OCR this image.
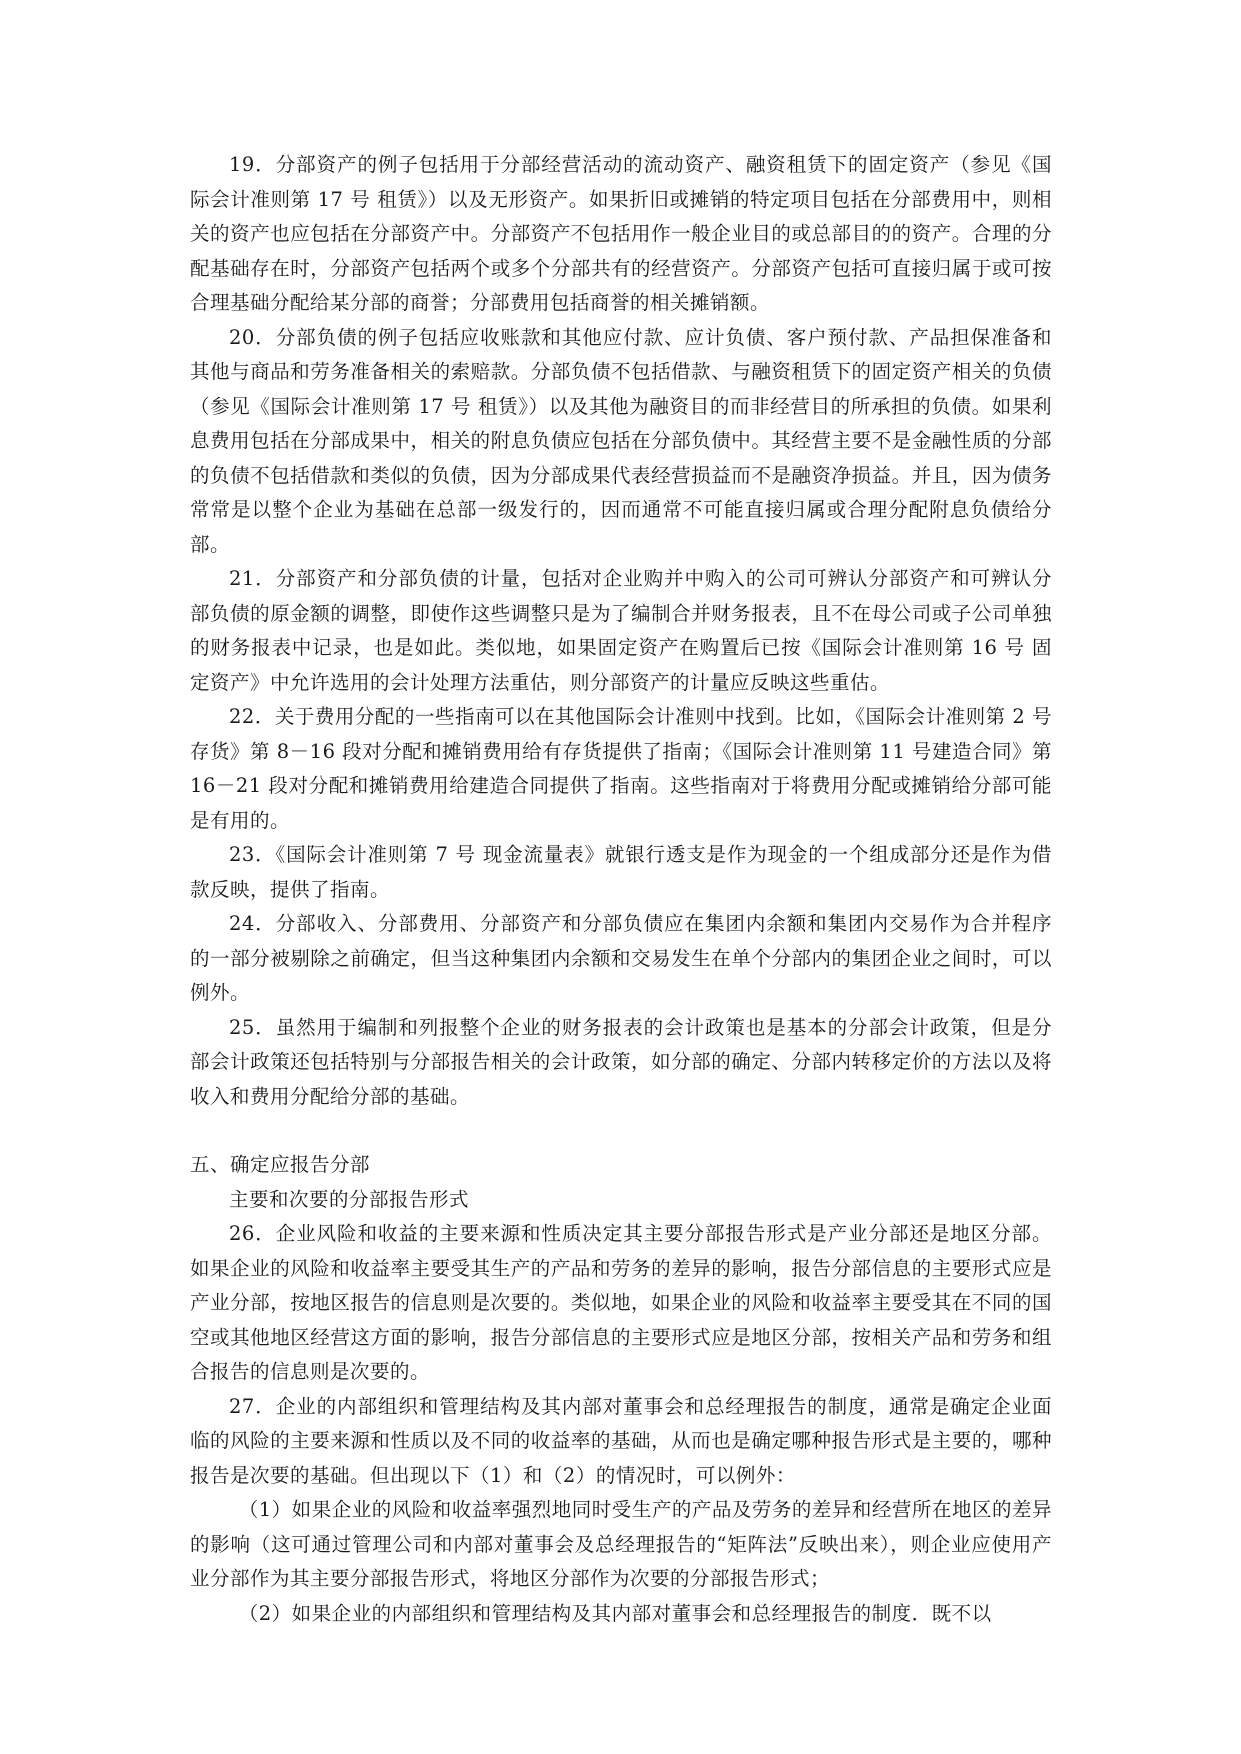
19．分部资产的例子包括用于分部经营活动的流动资产、融资租赁下的固定资产（参见《国际会计准则第 17 号 租赁》）以及无形资产。如果折旧或摊销的特定项目包括在分部费用中，则相关的资产也应包括在分部资产中。分部资产不包括用作一般企业目的或总部目的的资产。合理的分配基础存在时，分部资产包括两个或多个分部共有的经营资产。分部资产包括可直接归属于或可按合理基础分配给某分部的商誉；分部费用包括商誉的相关摊销额。

20．分部负债的例子包括应收账款和其他应付款、应计负债、客户预付款、产品担保准备和其他与商品和劳务准备相关的索赔款。分部负债不包括借款、与融资租赁下的固定资产相关的负债（参见《国际会计准则第 17 号 租赁》）以及其他为融资目的而非经营目的所承担的负债。如果利息费用包括在分部成果中，相关的附息负债应包括在分部负债中。其经营主要不是金融性质的分部的负债不包括借款和类似的负债，因为分部成果代表经营损益而不是融资净损益。并且，因为债务常常是以整个企业为基础在总部一级发行的，因而通常不可能直接归属或合理分配附息负债给分部。

21．分部资产和分部负债的计量，包括对企业购并中购入的公司可辨认分部资产和可辨认分部负债的原金额的调整，即使作这些调整只是为了编制合并财务报表，且不在母公司或子公司单独的财务报表中记录，也是如此。类似地，如果固定资产在购置后已按《国际会计准则第 16 号 固定资产》中允许选用的会计处理方法重估，则分部资产的计量应反映这些重估。

22．关于费用分配的一些指南可以在其他国际会计准则中找到。比如，《国际会计准则第 2 号 存货》第 8－16 段对分配和摊销费用给有存货提供了指南；《国际会计准则第 11 号建造合同》第 16－21 段对分配和摊销费用给建造合同提供了指南。这些指南对于将费用分配或摊销给分部可能是有用的。

23．《国际会计准则第 7 号 现金流量表》就银行透支是作为现金的一个组成部分还是作为借款反映，提供了指南。

24．分部收入、分部费用、分部资产和分部负债应在集团内余额和集团内交易作为合并程序的一部分被剔除之前确定，但当这种集团内余额和交易发生在单个分部内的集团企业之间时，可以例外。

25．虽然用于编制和列报整个企业的财务报表的会计政策也是基本的分部会计政策，但是分部会计政策还包括特别与分部报告相关的会计政策，如分部的确定、分部内转移定价的方法以及将收入和费用分配给分部的基础。

五、确定应报告分部

主要和次要的分部报告形式

26．企业风险和收益的主要来源和性质决定其主要分部报告形式是产业分部还是地区分部。如果企业的风险和收益率主要受其生产的产品和劳务的差异的影响，报告分部信息的主要形式应是产业分部，按地区报告的信息则是次要的。类似地，如果企业的风险和收益率主要受其在不同的国空或其他地区经营这方面的影响，报告分部信息的主要形式应是地区分部，按相关产品和劳务和组合报告的信息则是次要的。

27．企业的内部组织和管理结构及其内部对董事会和总经理报告的制度，通常是确定企业面临的风险的主要来源和性质以及不同的收益率的基础，从而也是确定哪种报告形式是主要的，哪种报告是次要的基础。但出现以下（1）和（2）的情况时，可以例外：

（1）如果企业的风险和收益率强烈地同时受生产的产品及劳务的差异和经营所在地区的差异的影响（这可通过管理公司和内部对董事会及总经理报告的“矩阵法”反映出来），则企业应使用产业分部作为其主要分部报告形式，将地区分部作为次要的分部报告形式；

（2）如果企业的内部组织和管理结构及其内部对董事会和总经理报告的制度．既不以
